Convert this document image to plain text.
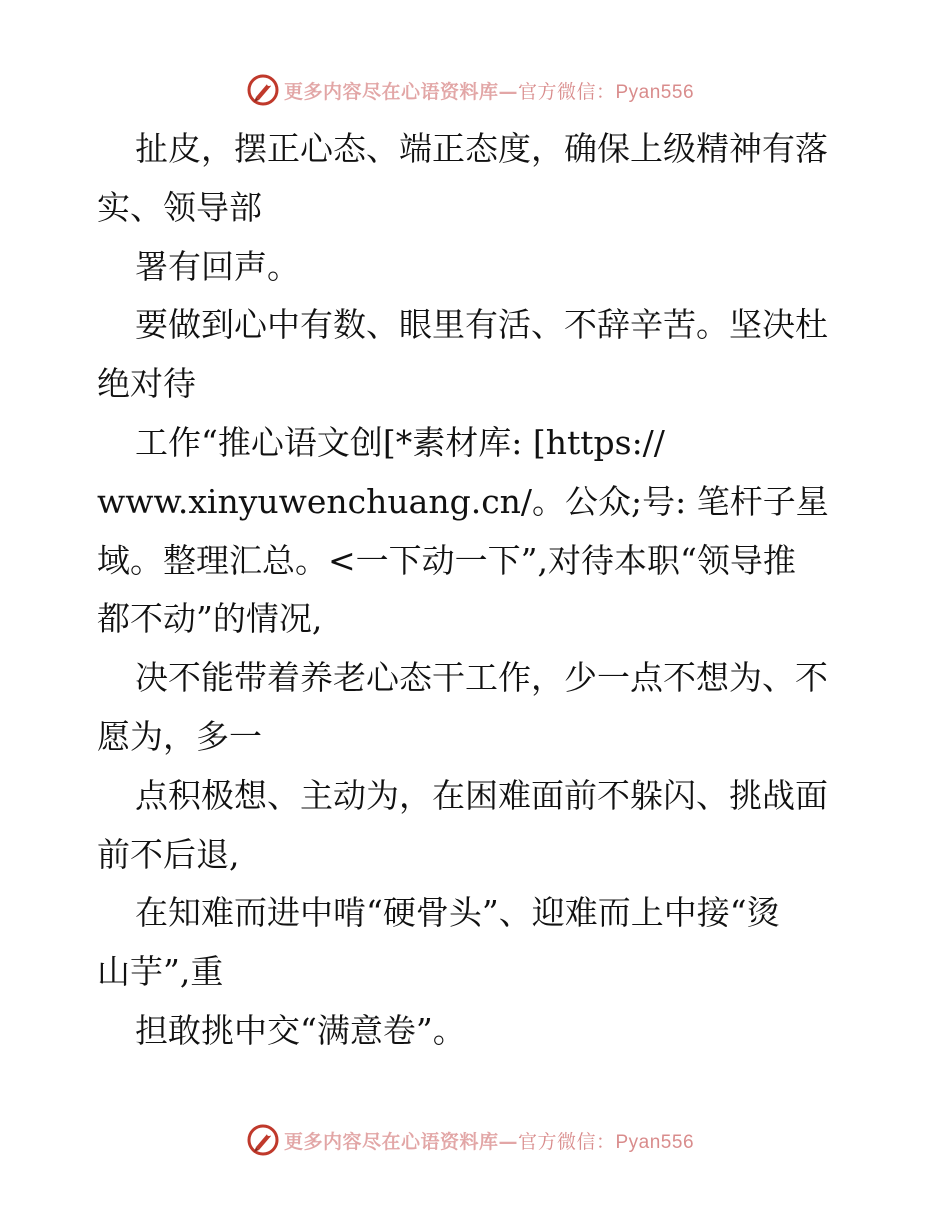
更多内容尽在心语资料库—官方微信：Pyan556
扯皮，摆正心态、端正态度，确保上级精神有落
实、领导部
署有回声。
要做到心中有数、眼里有活、不辞辛苦。坚决杜
绝对待
工作“推心语文创[*素材库: [https://
www.xinyuwenchuang.cn/。公众;号: 笔杆子星
域。整理汇总。<一下动一下”,对待本职“领导推
都不动”的情况,
决不能带着养老心态干工作，少一点不想为、不
愿为，多一
点积极想、主动为，在困难面前不躲闪、挑战面
前不后退,
在知难而进中啃“硬骨头”、迎难而上中接“烫
山芋”,重
担敢挑中交“满意卷”。
更多内容尽在心语资料库—官方微信：Pyan556
